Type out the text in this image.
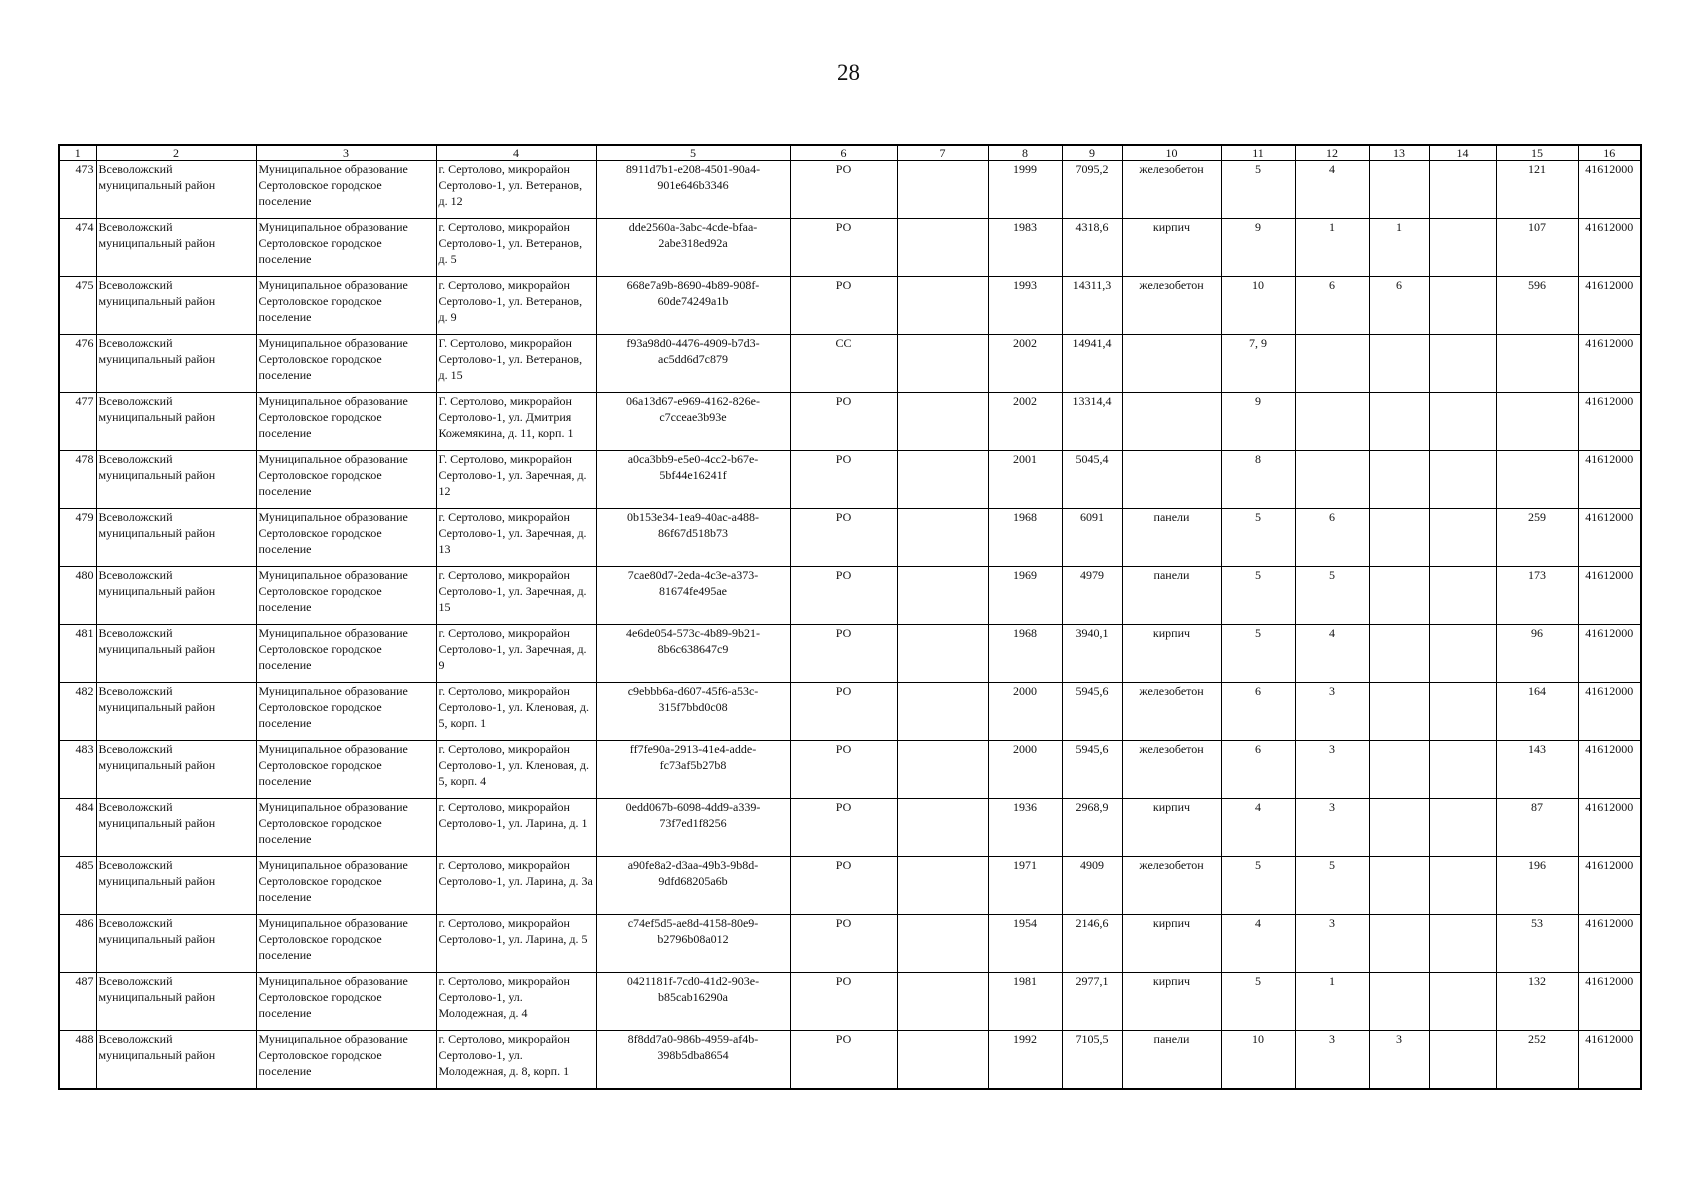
28
1	2	3	4	5	6	7	8	9	10	11	12	13	14	15	16
473	Всеволожский муниципальный район	Муниципальное образование Сертоловское городское поселение	г. Сертолово, микрорайон Сертолово-1, ул. Ветеранов, д. 12	8911d7b1-e208-4501-90a4-901e646b3346	РО		1999	7095,2	железобетон	5	4			121	41612000
474	Всеволожский муниципальный район	Муниципальное образование Сертоловское городское поселение	г. Сертолово, микрорайон Сертолово-1, ул. Ветеранов, д. 5	dde2560a-3abc-4cde-bfaa-2abe318ed92a	РО		1983	4318,6	кирпич	9	1	1		107	41612000
475	Всеволожский муниципальный район	Муниципальное образование Сертоловское городское поселение	г. Сертолово, микрорайон Сертолово-1, ул. Ветеранов, д. 9	668e7a9b-8690-4b89-908f-60de74249a1b	РО		1993	14311,3	железобетон	10	6	6		596	41612000
476	Всеволожский муниципальный район	Муниципальное образование Сертоловское городское поселение	Г. Сертолово, микрорайон Сертолово-1, ул. Ветеранов, д. 15	f93a98d0-4476-4909-b7d3-ac5dd6d7c879	СС		2002	14941,4		7, 9					41612000
477	Всеволожский муниципальный район	Муниципальное образование Сертоловское городское поселение	Г. Сертолово, микрорайон Сертолово-1, ул. Дмитрия Кожемякина, д. 11, корп. 1	06a13d67-e969-4162-826e-c7cceae3b93e	РО		2002	13314,4		9					41612000
478	Всеволожский муниципальный район	Муниципальное образование Сертоловское городское поселение	Г. Сертолово, микрорайон Сертолово-1, ул. Заречная, д. 12	a0ca3bb9-e5e0-4cc2-b67e-5bf44e16241f	РО		2001	5045,4		8					41612000
479	Всеволожский муниципальный район	Муниципальное образование Сертоловское городское поселение	г. Сертолово, микрорайон Сертолово-1, ул. Заречная, д. 13	0b153e34-1ea9-40ac-a488-86f67d518b73	РО		1968	6091	панели	5	6			259	41612000
480	Всеволожский муниципальный район	Муниципальное образование Сертоловское городское поселение	г. Сертолово, микрорайон Сертолово-1, ул. Заречная, д. 15	7cae80d7-2eda-4c3e-a373-81674fe495ae	РО		1969	4979	панели	5	5			173	41612000
481	Всеволожский муниципальный район	Муниципальное образование Сертоловское городское поселение	г. Сертолово, микрорайон Сертолово-1, ул. Заречная, д. 9	4e6de054-573c-4b89-9b21-8b6c638647c9	РО		1968	3940,1	кирпич	5	4			96	41612000
482	Всеволожский муниципальный район	Муниципальное образование Сертоловское городское поселение	г. Сертолово, микрорайон Сертолово-1, ул. Кленовая, д. 5, корп. 1	c9ebbb6a-d607-45f6-a53c-315f7bbd0c08	РО		2000	5945,6	железобетон	6	3			164	41612000
483	Всеволожский муниципальный район	Муниципальное образование Сертоловское городское поселение	г. Сертолово, микрорайон Сертолово-1, ул. Кленовая, д. 5, корп. 4	ff7fe90a-2913-41e4-adde-fc73af5b27b8	РО		2000	5945,6	железобетон	6	3			143	41612000
484	Всеволожский муниципальный район	Муниципальное образование Сертоловское городское поселение	г. Сертолово, микрорайон Сертолово-1, ул. Ларина, д. 1	0edd067b-6098-4dd9-a339-73f7ed1f8256	РО		1936	2968,9	кирпич	4	3			87	41612000
485	Всеволожский муниципальный район	Муниципальное образование Сертоловское городское поселение	г. Сертолово, микрорайон Сертолово-1, ул. Ларина, д. 3а	a90fe8a2-d3aa-49b3-9b8d-9dfd68205a6b	РО		1971	4909	железобетон	5	5			196	41612000
486	Всеволожский муниципальный район	Муниципальное образование Сертоловское городское поселение	г. Сертолово, микрорайон Сертолово-1, ул. Ларина, д. 5	c74ef5d5-ae8d-4158-80e9-b2796b08a012	РО		1954	2146,6	кирпич	4	3			53	41612000
487	Всеволожский муниципальный район	Муниципальное образование Сертоловское городское поселение	г. Сертолово, микрорайон Сертолово-1, ул. Молодежная, д. 4	0421181f-7cd0-41d2-903e-b85cab16290a	РО		1981	2977,1	кирпич	5	1			132	41612000
488	Всеволожский муниципальный район	Муниципальное образование Сертоловское городское поселение	г. Сертолово, микрорайон Сертолово-1, ул. Молодежная, д. 8, корп. 1	8f8dd7a0-986b-4959-af4b-398b5dba8654	РО		1992	7105,5	панели	10	3	3		252	41612000
